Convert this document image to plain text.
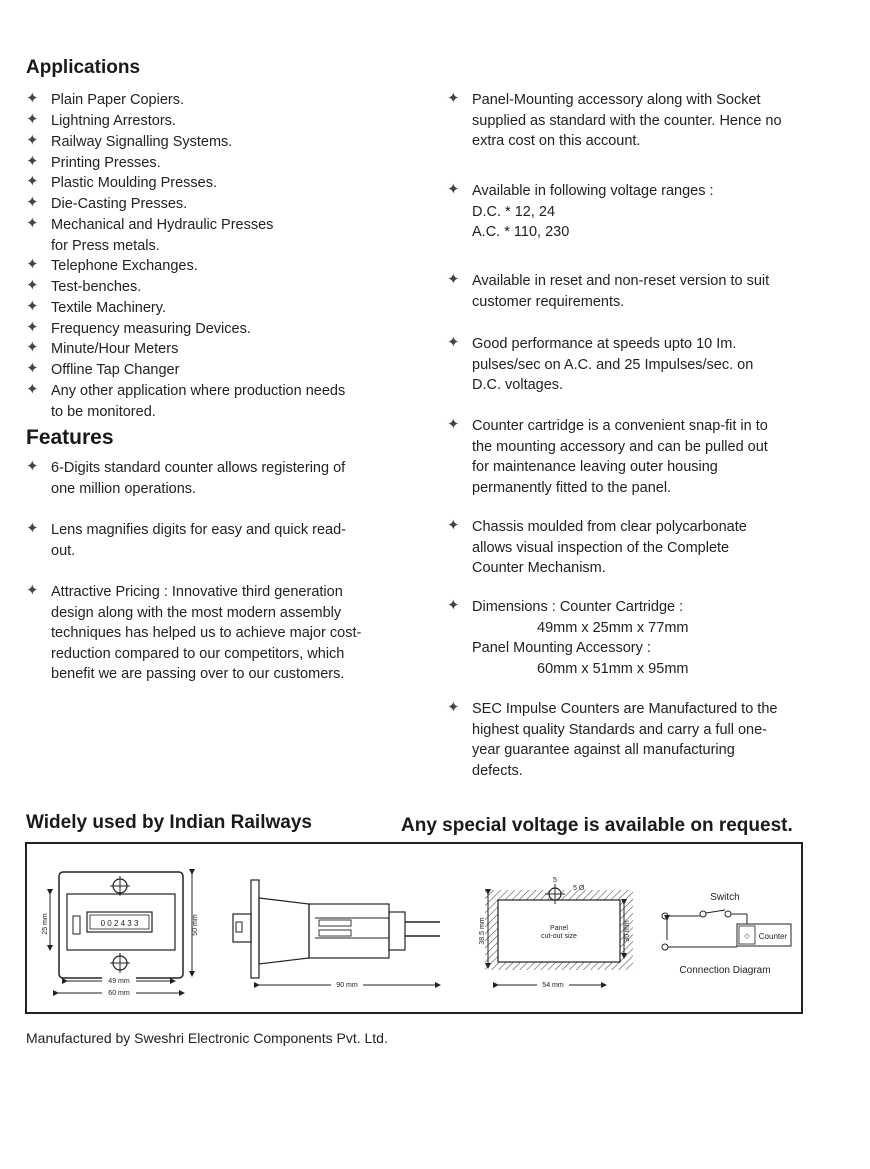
Applications
✦ Plain Paper Copiers.
✦ Lightning Arrestors.
✦ Railway Signalling Systems.
✦ Printing Presses.
✦ Plastic Moulding Presses.
✦ Die-Casting Presses.
✦ Mechanical and Hydraulic Presses
for Press metals.
✦ Telephone Exchanges.
✦ Test-benches.
✦ Textile Machinery.
✦ Frequency measuring Devices.
✦ Minute/Hour Meters
✦ Offline Tap Changer
✦ Any other application where production needs
to be monitored.
Features
✦ 6-Digits standard counter allows registering of
one million operations.
✦ Lens magnifies digits for easy and quick read-
out.
✦ Attractive Pricing : Innovative third generation
design along with the most modern assembly
techniques has helped us to achieve major cost-
reduction compared to our competitors, which
benefit we are passing over to our customers.
✦ Panel-Mounting accessory along with Socket
supplied as standard with the counter. Hence no
extra cost on this account.
✦ Available in following voltage ranges :
D.C. * 12, 24
A.C. * 110, 230
✦ Available in reset and non-reset version to suit
customer requirements.
✦ Good performance at speeds upto 10 Im.
pulses/sec on A.C. and 25 Impulses/sec. on
D.C. voltages.
✦ Counter cartridge is a convenient snap-fit in to
the mounting accessory and can be pulled out
for maintenance leaving outer housing
permanently fitted to the panel.
✦ Chassis moulded from clear polycarbonate
allows visual inspection of the Complete
Counter Mechanism.
✦ Dimensions : Counter Cartridge :
49mm x 25mm x 77mm
Panel Mounting Accessory :
60mm x 51mm x 95mm
✦ SEC Impulse Counters are Manufactured to the
highest quality Standards and carry a full one-
year guarantee against all manufacturing
defects.
Widely used by Indian Railways	Any special voltage is available on request.
0 0 2 4 3 3
25 mm	50 mm
49 mm
60 mm
90 mm
5
5 Ø
Panel
cut-out size
38.5 mm	30 mm
54 mm
Switch
◇ Counter
Connection Diagram
Manufactured by Sweshri Electronic Components Pvt. Ltd.
